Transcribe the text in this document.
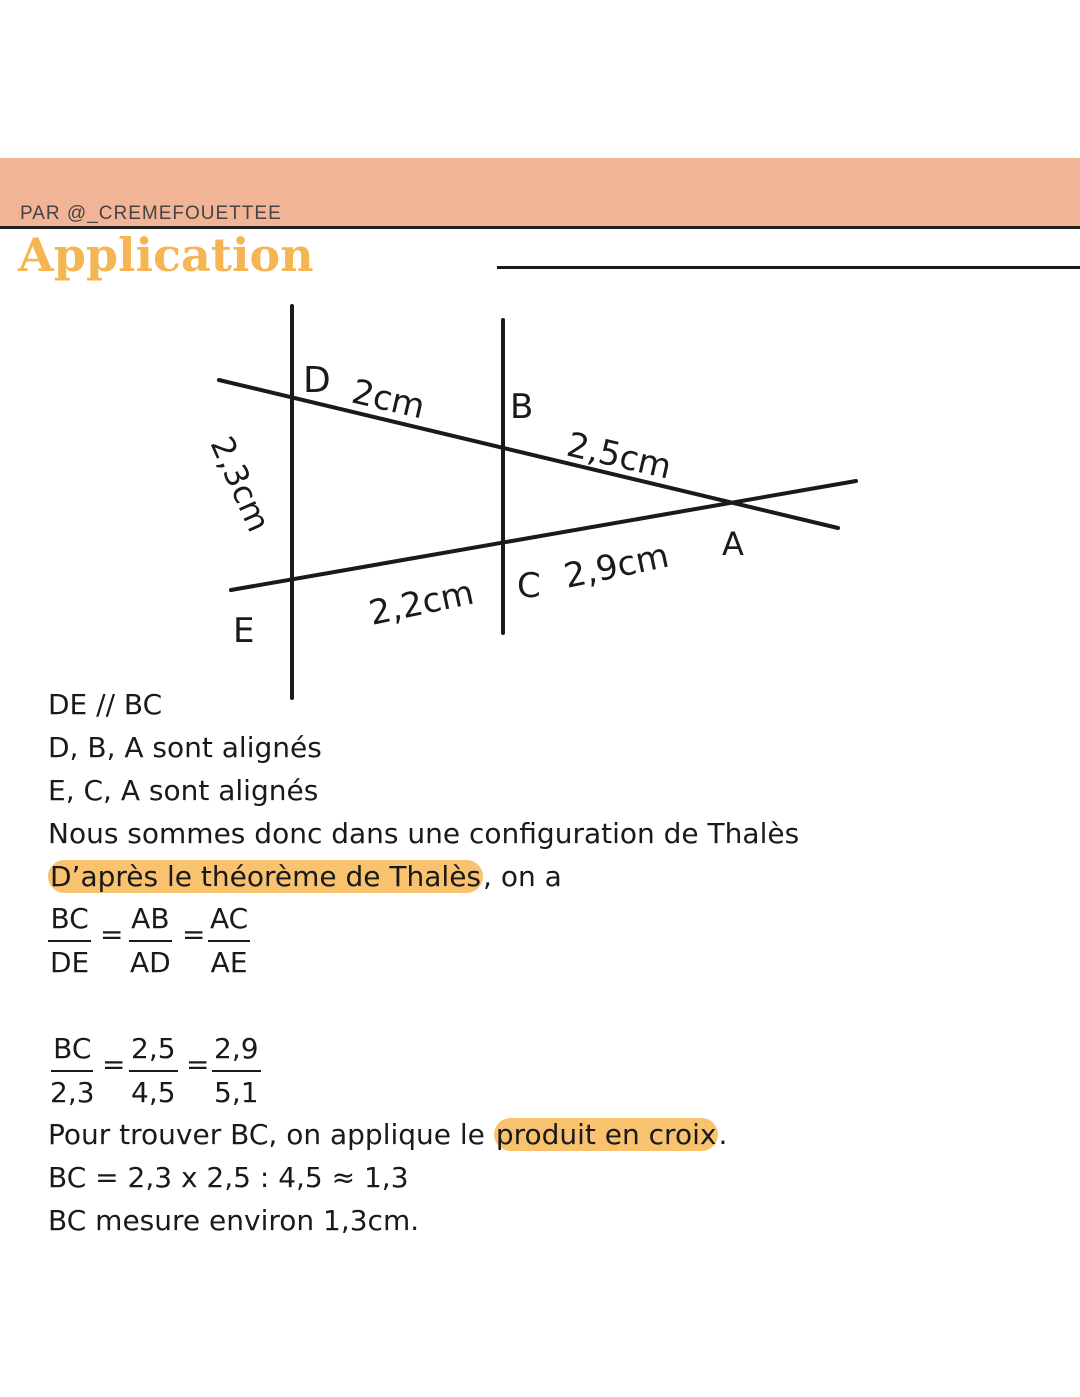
PAR @_CREMEFOUETTEE
Application
D 2cm B
2,5cm
A
2,3cm
E	2,2cm C 2,9cm
DE // BC
D, B, A sont alignés
E, C, A sont alignés
Nous sommes donc dans une configuration de Thalès
D’après le théorème de Thalès, on a
$\frac{BC}{DE} = \frac{AB}{AD} = \frac{AC}{AE}$
$\frac{BC}{2,3} = \frac{2,5}{4,5} = \frac{2,9}{5,1}$
Pour trouver BC, on applique le produit en croix.
BC = 2,3 x 2,5 : 4,5 ≈ 1,3
BC mesure environ 1,3cm.
